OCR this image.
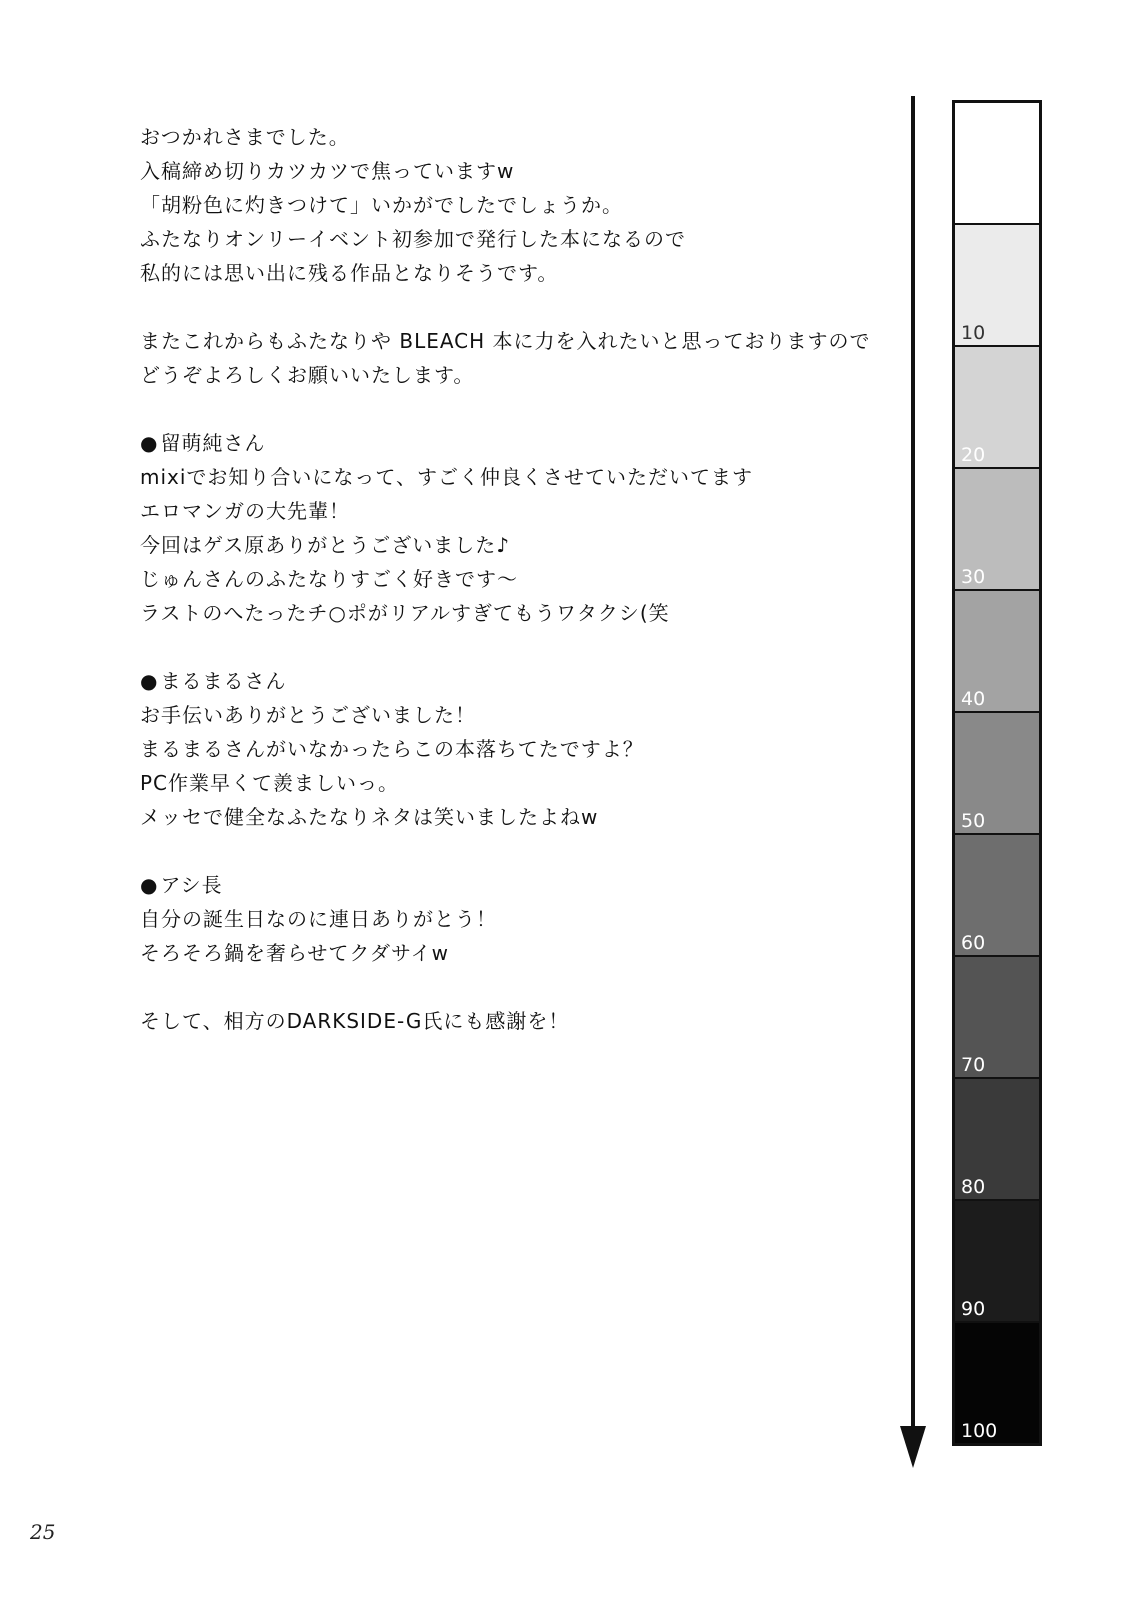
おつかれさまでした。
入稿締め切りカツカツで焦っていますw
「胡粉色に灼きつけて」いかがでしたでしょうか。
ふたなりオンリーイベント初参加で発行した本になるので
私的には思い出に残る作品となりそうです。
またこれからもふたなりや BLEACH 本に力を入れたいと思っておりますので
どうぞよろしくお願いいたします。
● 留萌純さん
mixiでお知り合いになって、すごく仲良くさせていただいてます
エロマンガの大先輩！
今回はゲス原ありがとうございました♪
じゅんさんのふたなりすごく好きです～
ラストのへたったチ○ポがリアルすぎてもうワタクシ(笑
● まるまるさん
お手伝いありがとうございました！
まるまるさんがいなかったらこの本落ちてたですよ？
PC作業早くて羨ましいっ。
メッセで健全なふたなりネタは笑いましたよねw
● アシ長
自分の誕生日なのに連日ありがとう！
そろそろ鍋を奢らせてクダサイw
そして、相方のDARKSIDE-G氏にも感謝を！
10
20
30
40
50
60
70
80
90
100
25
